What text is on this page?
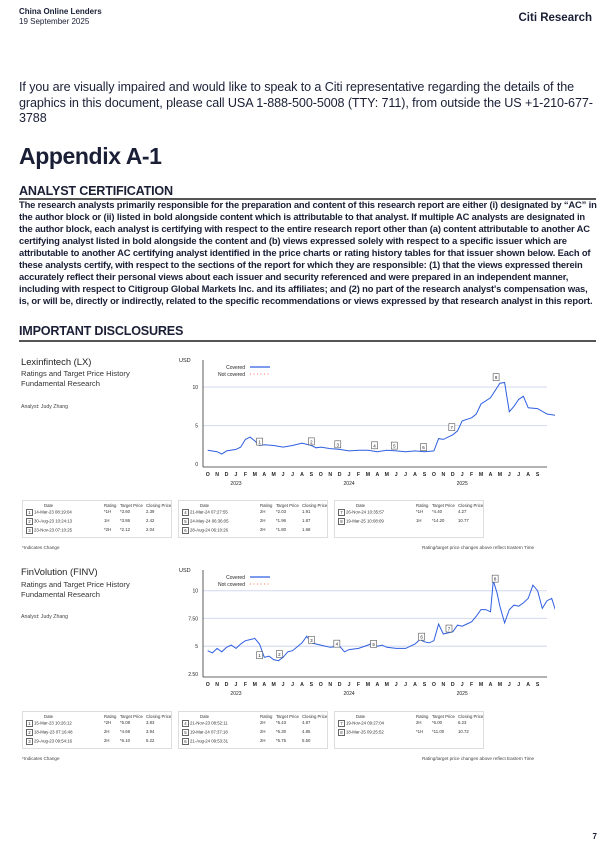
China Online Lenders
19 September 2025	Citi Research
If you are visually impaired and would like to speak to a Citi representative regarding the details of the graphics in this document, please call USA 1-888-500-5008 (TTY: 711), from outside the US +1-210-677-3788
Appendix A-1
ANALYST CERTIFICATION
The research analysts primarily responsible for the preparation and content of this research report are either (i) designated by “AC” in the author block or (ii) listed in bold alongside content which is attributable to that analyst. If multiple AC analysts are designated in the author block, each analyst is certifying with respect to the entire research report other than (a) content attributable to another AC certifying analyst listed in bold alongside the content and (b) views expressed solely with respect to a specific issuer which are attributable to another AC certifying analyst identified in the price charts or rating history tables for that issuer shown below. Each of these analysts certify, with respect to the sections of the report for which they are responsible: (1) that the views expressed therein accurately reflect their personal views about each issuer and security referenced and were prepared in an independent manner, including with respect to Citigroup Global Markets Inc. and its affiliates; and (2) no part of the research analyst's compensation was, is, or will be, directly or indirectly, related to the specific recommendations or views expressed by that research analyst in this report.
IMPORTANT DISCLOSURES
Lexinfintech (LX)
Ratings and Target Price History
Fundamental Research
Analyst: Judy Zhang
0
5
10
USD
O N D J F M A M J J A S O N D J F M A M J J A S O N D J F M A M J J A S
2023	2024	2025
Covered
Not covered
1	2
3	4	5	6
7
8
Date	Rating Target Price Closing Price
1 14-Mar-23 08:19:04	*1H *3.60	2.39
2 30-Aug-23 10:24:13	1H *3.86	2.42
3 23-Nov-23 07:10:25	*2H *2.12	2.04
Date	Rating Target Price Closing Price
4 21-Mar-24 07:27:55	2H *2.03	1.91
5 24-May-24 06:36:05	2H *1.96	1.87
6 28-Aug-24 06:10:26	2H *1.80	1.68
Date	Rating Target Price Closing Price
7 26-Nov-24 10:35:57	*1H *4.40	4.27
8 19-Mar-25 10:08:09	1H *14.20	10.77
*Indicates Change	Rating/target price changes above reflect Eastern Time
FinVolution (FINV)
Ratings and Target Price History
Fundamental Research
Analyst: Judy Zhang
2.50
5
7.50
10
USD
O N D J F M A M J J A S O N D J F M A M J J A S O N D J F M A M J J A S
2023	2024	2025
Covered
Not covered
1	2
3
4	5
6
7
8
Date	Rating Target Price Closing Price
1 15-Mar-23 10:26:12	*2H *5.08	3.83
2 18-May-23 07:16:48	2H *4.68	3.94
3 29-Aug-23 09:54:16	2H *6.10	5.22
Date	Rating Target Price Closing Price
4 21-Nov-23 08:52:11	2H *5.43	4.87
5 19-Mar-24 07:37:18	2H *5.30	4.85
6 21-Aug-24 09:53:31	2H *5.75	5.50
Date	Rating Target Price Closing Price
7 19-Nov-24 09:27:04	2H *6.00	6.23
8 18-Mar-25 09:25:52	*1H *11.00	10.72
*Indicates Change	Rating/target price changes above reflect Eastern Time
7
